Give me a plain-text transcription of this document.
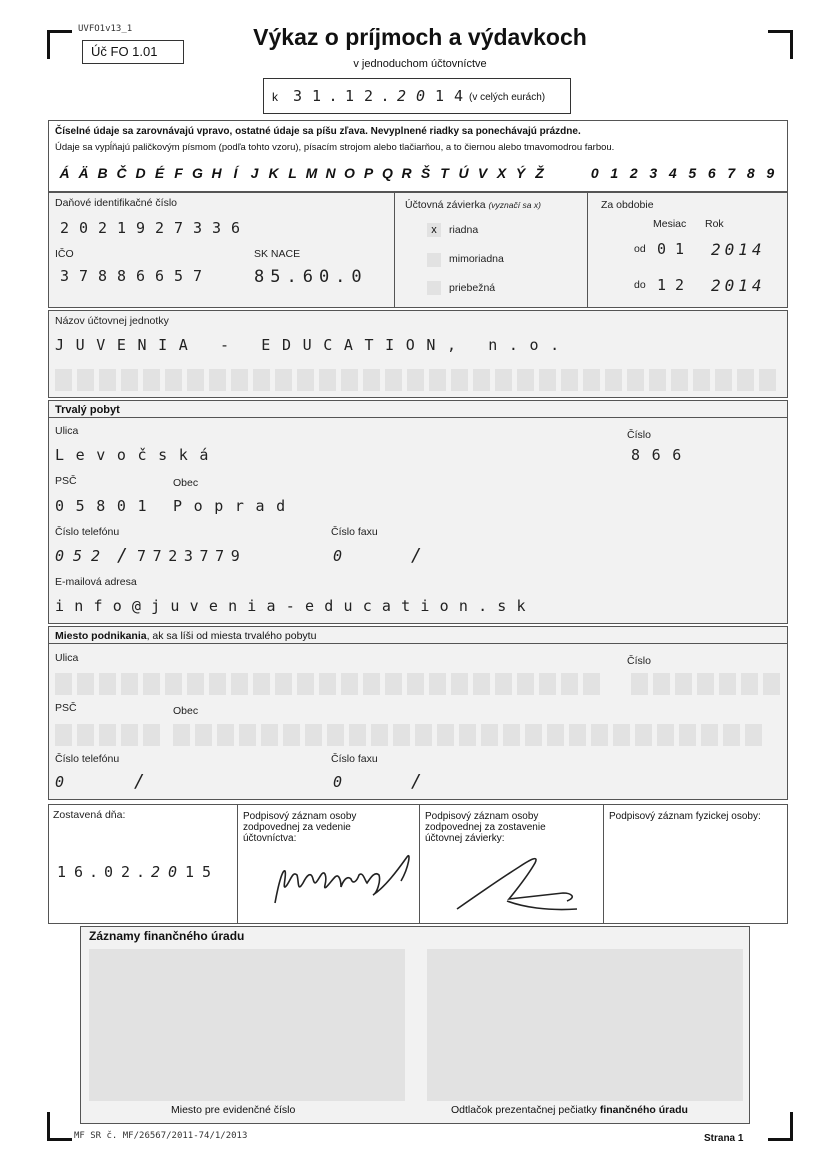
UVFO1v13_1
Úč FO 1.01
Výkaz o príjmoch a výdavkoch
v jednoduchom účtovníctve
k 3 1 . 1 2 . 2 0 1 4 (v celých eurách)
Číselné údaje sa zarovnávajú vpravo, ostatné údaje sa píšu zľava. Nevyplnené riadky sa ponechávajú prázdne.
Údaje sa vypĺňajú paličkovým písmom (podľa tohto vzoru), písacím strojom alebo tlačiarňou, a to čiernou alebo tmavomodrou farbou.
Á Ä B Č D É F G H Í J K L M N O P Q R Š T Ú V X Ý Ž	0 1 2 3 4 5 6 7 8 9
Daňové identifikačné číslo
2 0 2 1 9 2 7 3 3 6
IČO
3 7 8 8 6 6 5 7
SK NACE
85.60.0
Účtovná závierka (vyznačí sa x)
x	riadna
mimoriadna
priebežná
Za obdobie
Mesiac Rok
od 0 1 2014
do 1 2 2014
Názov účtovnej jednotky
JUVENIA - EDUCATION, n.o.
Trvalý pobyt
Ulica
Levočská
Číslo
866
PSČ	Obec
05801 Poprad
Číslo telefónu	Číslo faxu
052 / 7723779	0	/
E-mailová adresa
info@juvenia-education.sk
Miesto podnikania, ak sa líši od miesta trvalého pobytu
Ulica	Číslo
PSČ	Obec
Číslo telefónu	Číslo faxu
0	/	0	/
Zostavená dňa:
1 6 . 0 2 . 2 0 1 5
Podpisový záznam osoby zodpovednej za vedenie účtovníctva:
Podpisový záznam osoby zodpovednej za zostavenie účtovnej závierky:
Podpisový záznam fyzickej osoby:
Záznamy finančného úradu
Miesto pre evidenčné číslo	Odtlačok prezentačnej pečiatky finančného úradu
MF SR č. MF/26567/2011-74/1/2013	Strana 1
